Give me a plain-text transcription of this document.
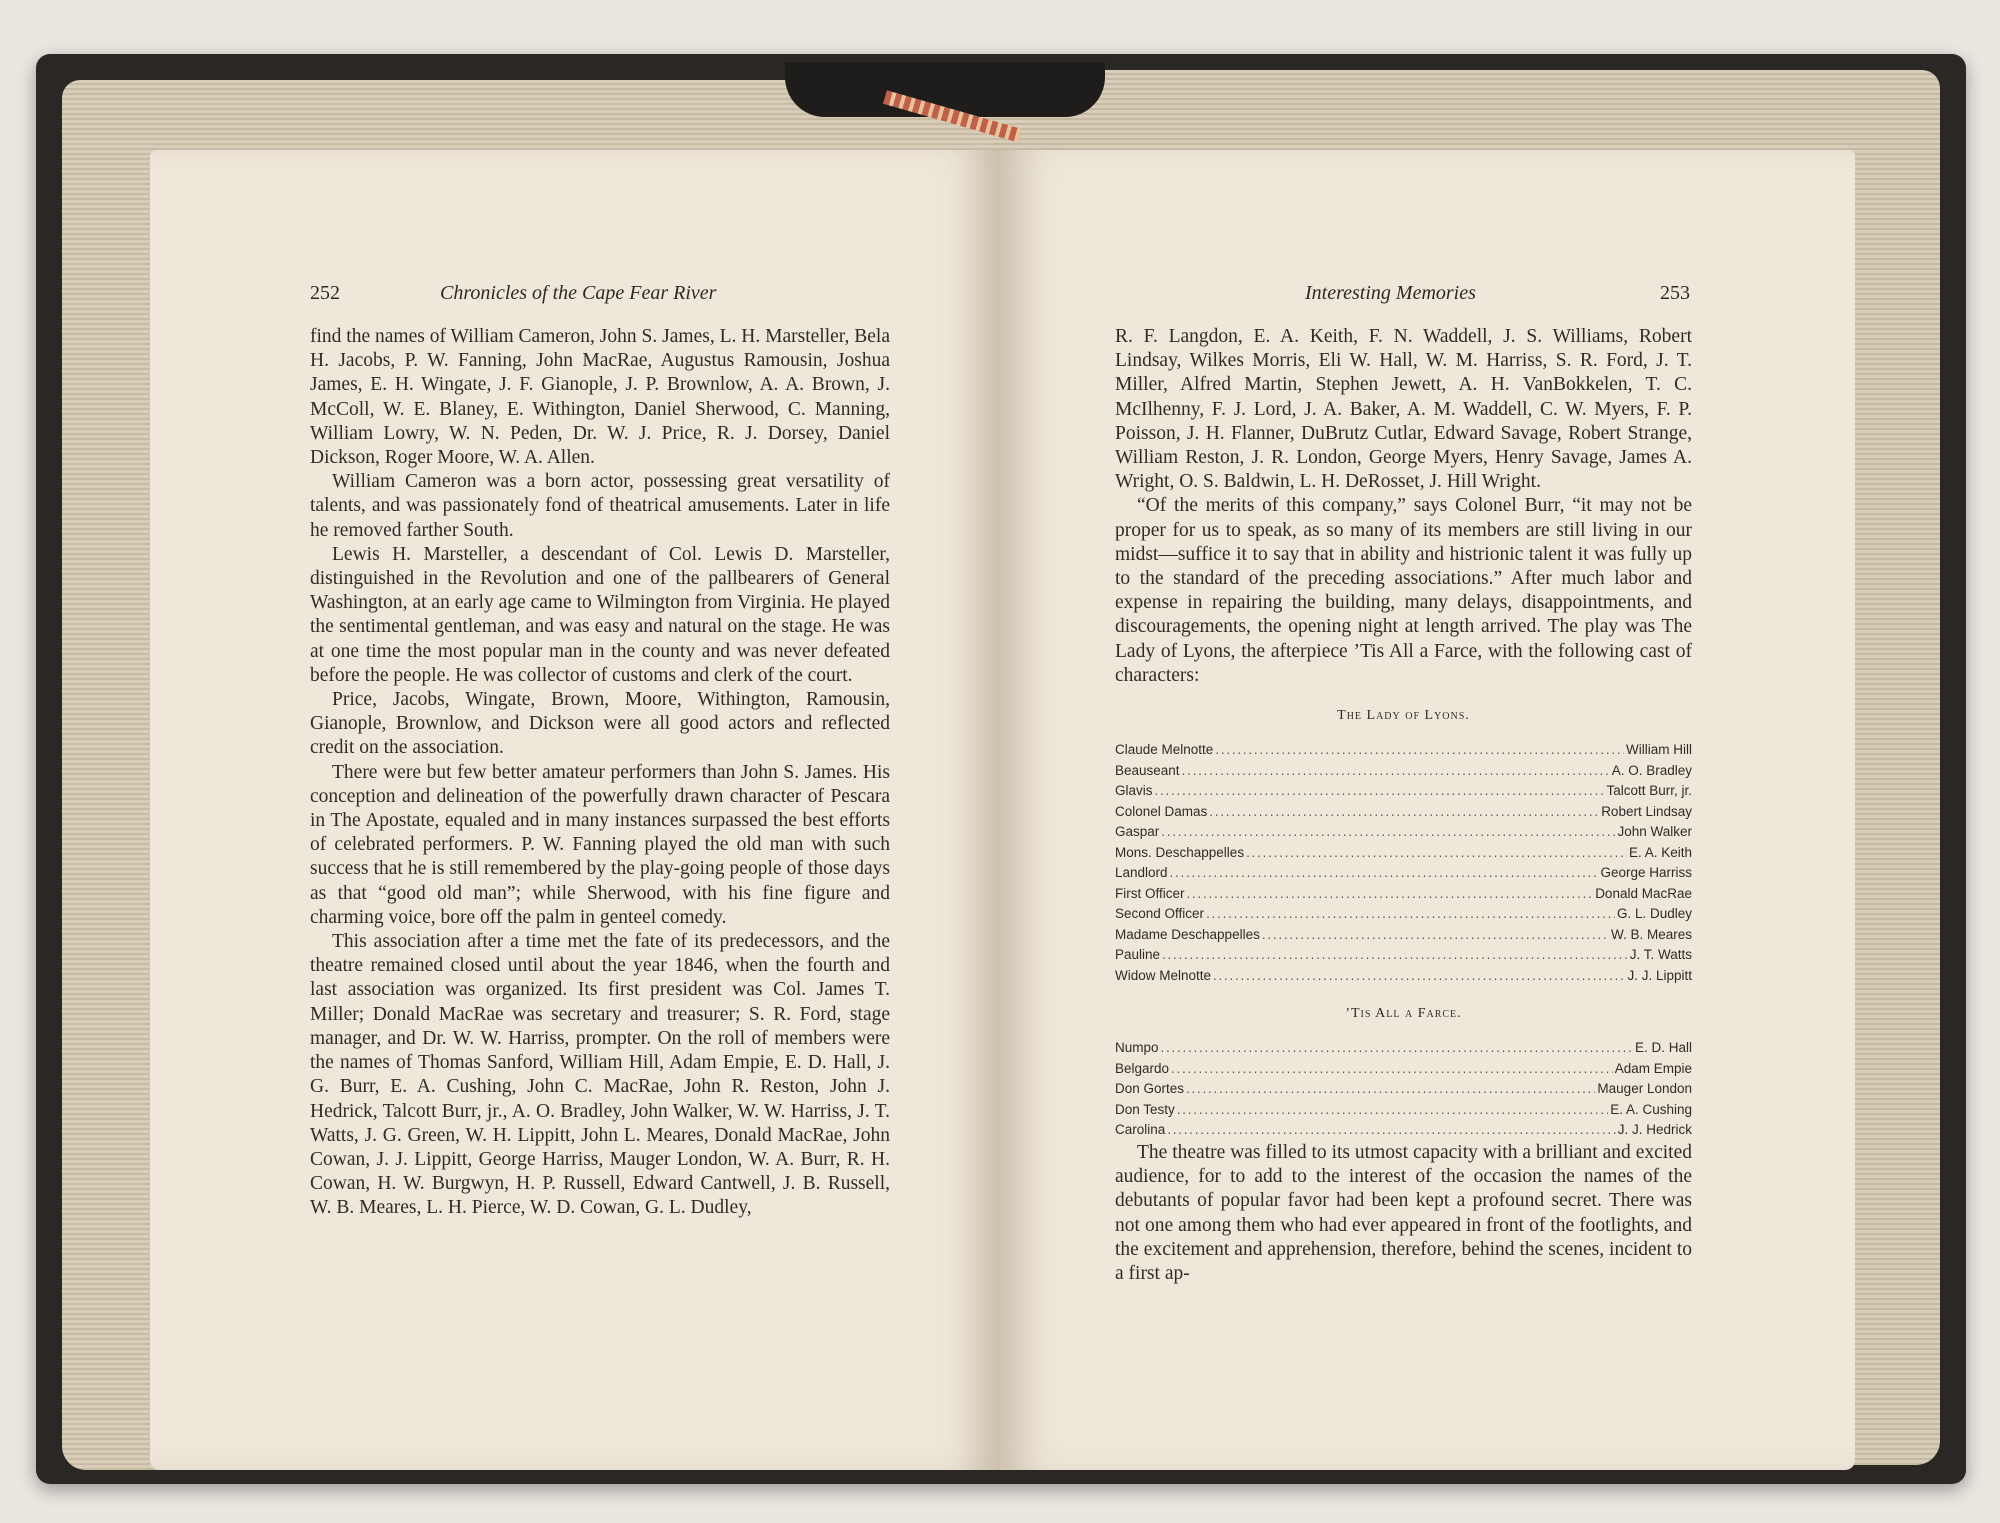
252	Chronicles of the Cape Fear River

find the names of William Cameron, John S. James, L. H. Marsteller, Bela H. Jacobs, P. W. Fanning, John MacRae, Augustus Ramousin, Joshua James, E. H. Wingate, J. F. Gianople, J. P. Brownlow, A. A. Brown, J. McColl, W. E. Blaney, E. Withington, Daniel Sherwood, C. Manning, William Lowry, W. N. Peden, Dr. W. J. Price, R. J. Dorsey, Daniel Dickson, Roger Moore, W. A. Allen.

William Cameron was a born actor, possessing great versatility of talents, and was passionately fond of theatrical amusements. Later in life he removed farther South.

Lewis H. Marsteller, a descendant of Col. Lewis D. Marsteller, distinguished in the Revolution and one of the pallbearers of General Washington, at an early age came to Wilmington from Virginia. He played the sentimental gentleman, and was easy and natural on the stage. He was at one time the most popular man in the county and was never defeated before the people. He was collector of customs and clerk of the court.

Price, Jacobs, Wingate, Brown, Moore, Withington, Ramousin, Gianople, Brownlow, and Dickson were all good actors and reflected credit on the association.

There were but few better amateur performers than John S. James. His conception and delineation of the powerfully drawn character of Pescara in The Apostate, equaled and in many instances surpassed the best efforts of celebrated performers. P. W. Fanning played the old man with such success that he is still remembered by the play-going people of those days as that “good old man”; while Sherwood, with his fine figure and charming voice, bore off the palm in genteel comedy.

This association after a time met the fate of its predecessors, and the theatre remained closed until about the year 1846, when the fourth and last association was organized. Its first president was Col. James T. Miller; Donald MacRae was secretary and treasurer; S. R. Ford, stage manager, and Dr. W. W. Harriss, prompter. On the roll of members were the names of Thomas Sanford, William Hill, Adam Empie, E. D. Hall, J. G. Burr, E. A. Cushing, John C. MacRae, John R. Reston, John J. Hedrick, Talcott Burr, jr., A. O. Bradley, John Walker, W. W. Harriss, J. T. Watts, J. G. Green, W. H. Lippitt, John L. Meares, Donald MacRae, John Cowan, J. J. Lippitt, George Harriss, Mauger London, W. A. Burr, R. H. Cowan, H. W. Burgwyn, H. P. Russell, Edward Cantwell, J. B. Russell, W. B. Meares, L. H. Pierce, W. D. Cowan, G. L. Dudley,

Interesting Memories	253

R. F. Langdon, E. A. Keith, F. N. Waddell, J. S. Williams, Robert Lindsay, Wilkes Morris, Eli W. Hall, W. M. Harriss, S. R. Ford, J. T. Miller, Alfred Martin, Stephen Jewett, A. H. VanBokkelen, T. C. McIlhenny, F. J. Lord, J. A. Baker, A. M. Waddell, C. W. Myers, F. P. Poisson, J. H. Flanner, DuBrutz Cutlar, Edward Savage, Robert Strange, William Reston, J. R. London, George Myers, Henry Savage, James A. Wright, O. S. Baldwin, L. H. DeRosset, J. Hill Wright.

“Of the merits of this company,” says Colonel Burr, “it may not be proper for us to speak, as so many of its members are still living in our midst—suffice it to say that in ability and histrionic talent it was fully up to the standard of the preceding associations.” After much labor and expense in repairing the building, many delays, disappointments, and discouragements, the opening night at length arrived. The play was The Lady of Lyons, the afterpiece ’Tis All a Farce, with the following cast of characters:

The Lady of Lyons.
Claude Melnotte . . .	William Hill
Beauseant . . .	A. O. Bradley
Glavis . . .	Talcott Burr, jr.
Colonel Damas . . .	Robert Lindsay
Gaspar . . .	John Walker
Mons. Deschappelles . . .	E. A. Keith
Landlord . . .	George Harriss
First Officer . . .	Donald MacRae
Second Officer . . .	G. L. Dudley
Madame Deschappelles . . .	W. B. Meares
Pauline . . .	J. T. Watts
Widow Melnotte . . .	J. J. Lippitt
’Tis All a Farce.
Numpo . . .	E. D. Hall
Belgardo . . .	Adam Empie
Don Gortes . . .	Mauger London
Don Testy . . .	E. A. Cushing
Carolina . . .	J. J. Hedrick

The theatre was filled to its utmost capacity with a brilliant and excited audience, for to add to the interest of the occasion the names of the debutants of popular favor had been kept a profound secret. There was not one among them who had ever appeared in front of the footlights, and the excitement and apprehension, therefore, behind the scenes, incident to a first ap-
